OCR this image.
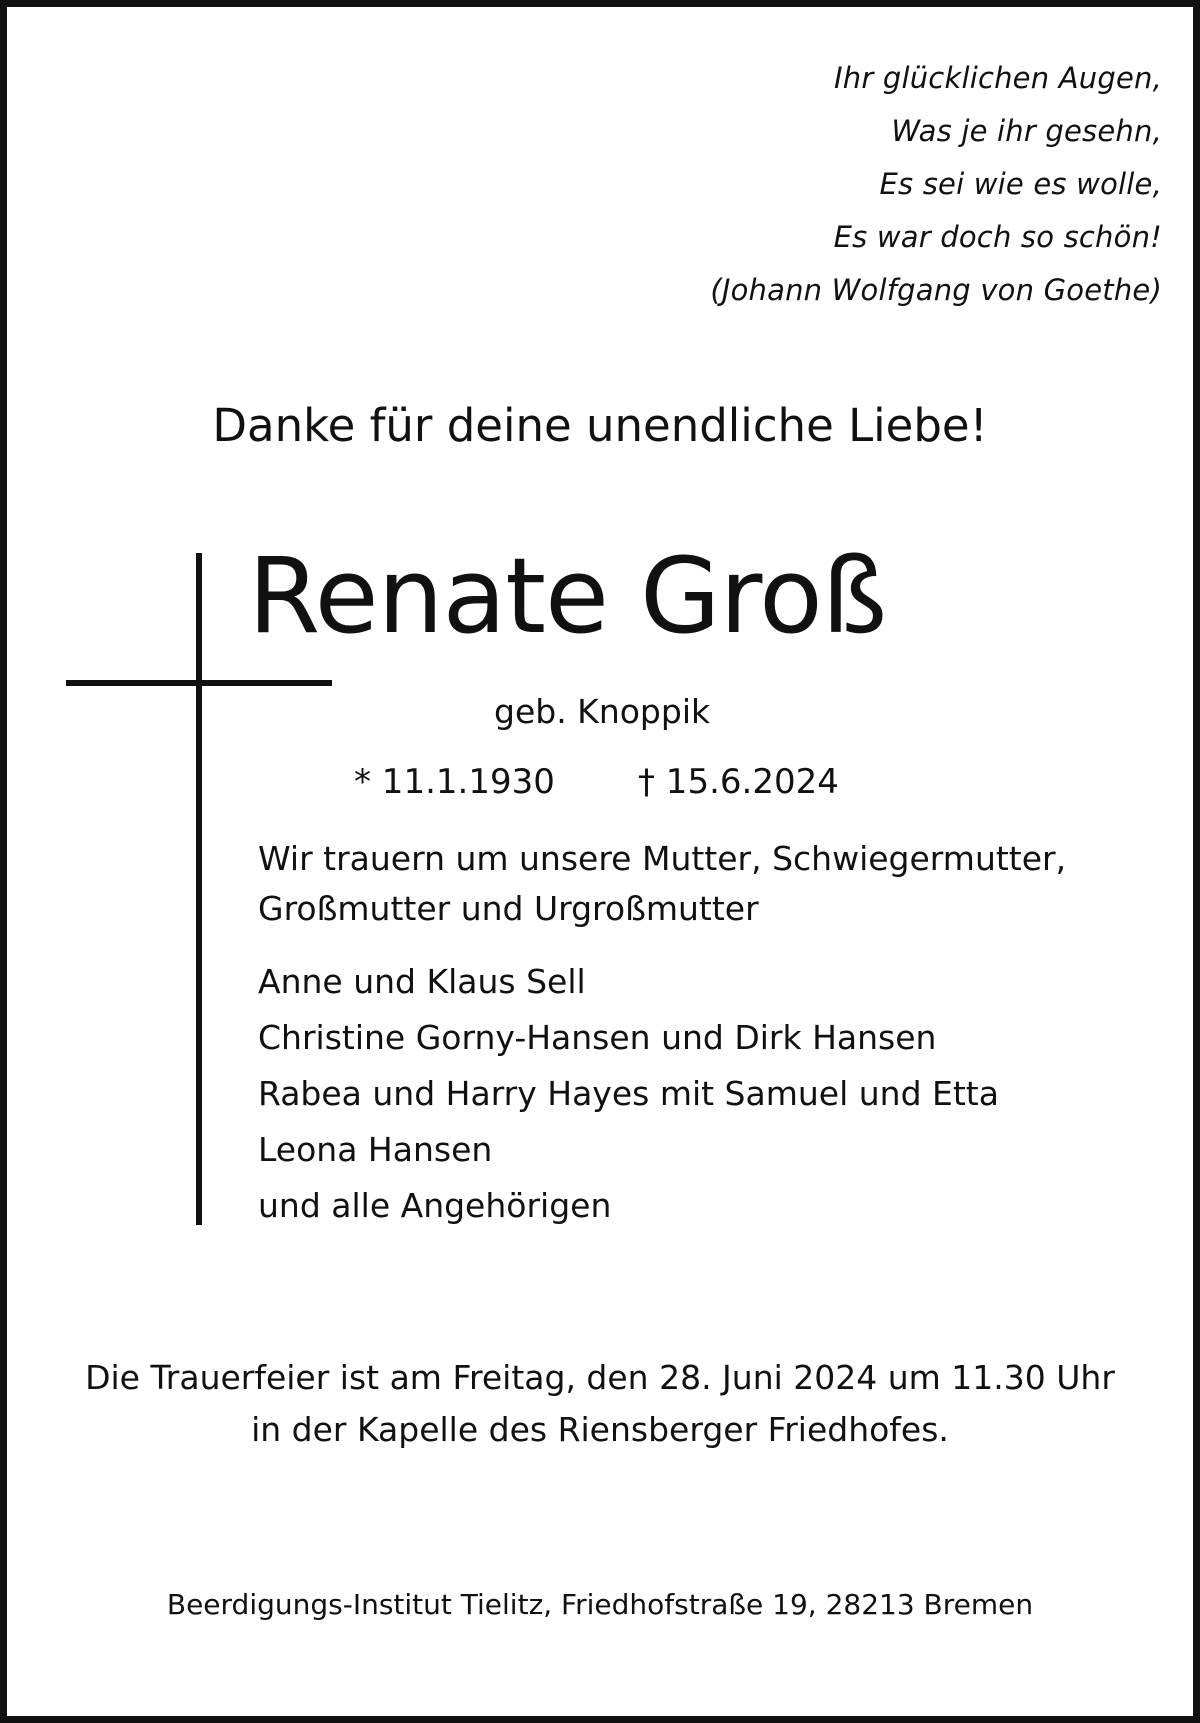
Ihr glücklichen Augen,
Was je ihr gesehn,
Es sei wie es wolle,
Es war doch so schön!
(Johann Wolfgang von Goethe)
Danke für deine unendliche Liebe!
Renate Groß
geb. Knoppik
* 11.1.1930 † 15.6.2024
Wir trauern um unsere Mutter, Schwiegermutter,
Großmutter und Urgroßmutter
Anne und Klaus Sell
Christine Gorny-Hansen und Dirk Hansen
Rabea und Harry Hayes mit Samuel und Etta
Leona Hansen
und alle Angehörigen
Die Trauerfeier ist am Freitag, den 28. Juni 2024 um 11.30 Uhr
in der Kapelle des Riensberger Friedhofes.
Beerdigungs-Institut Tielitz, Friedhofstraße 19, 28213 Bremen
